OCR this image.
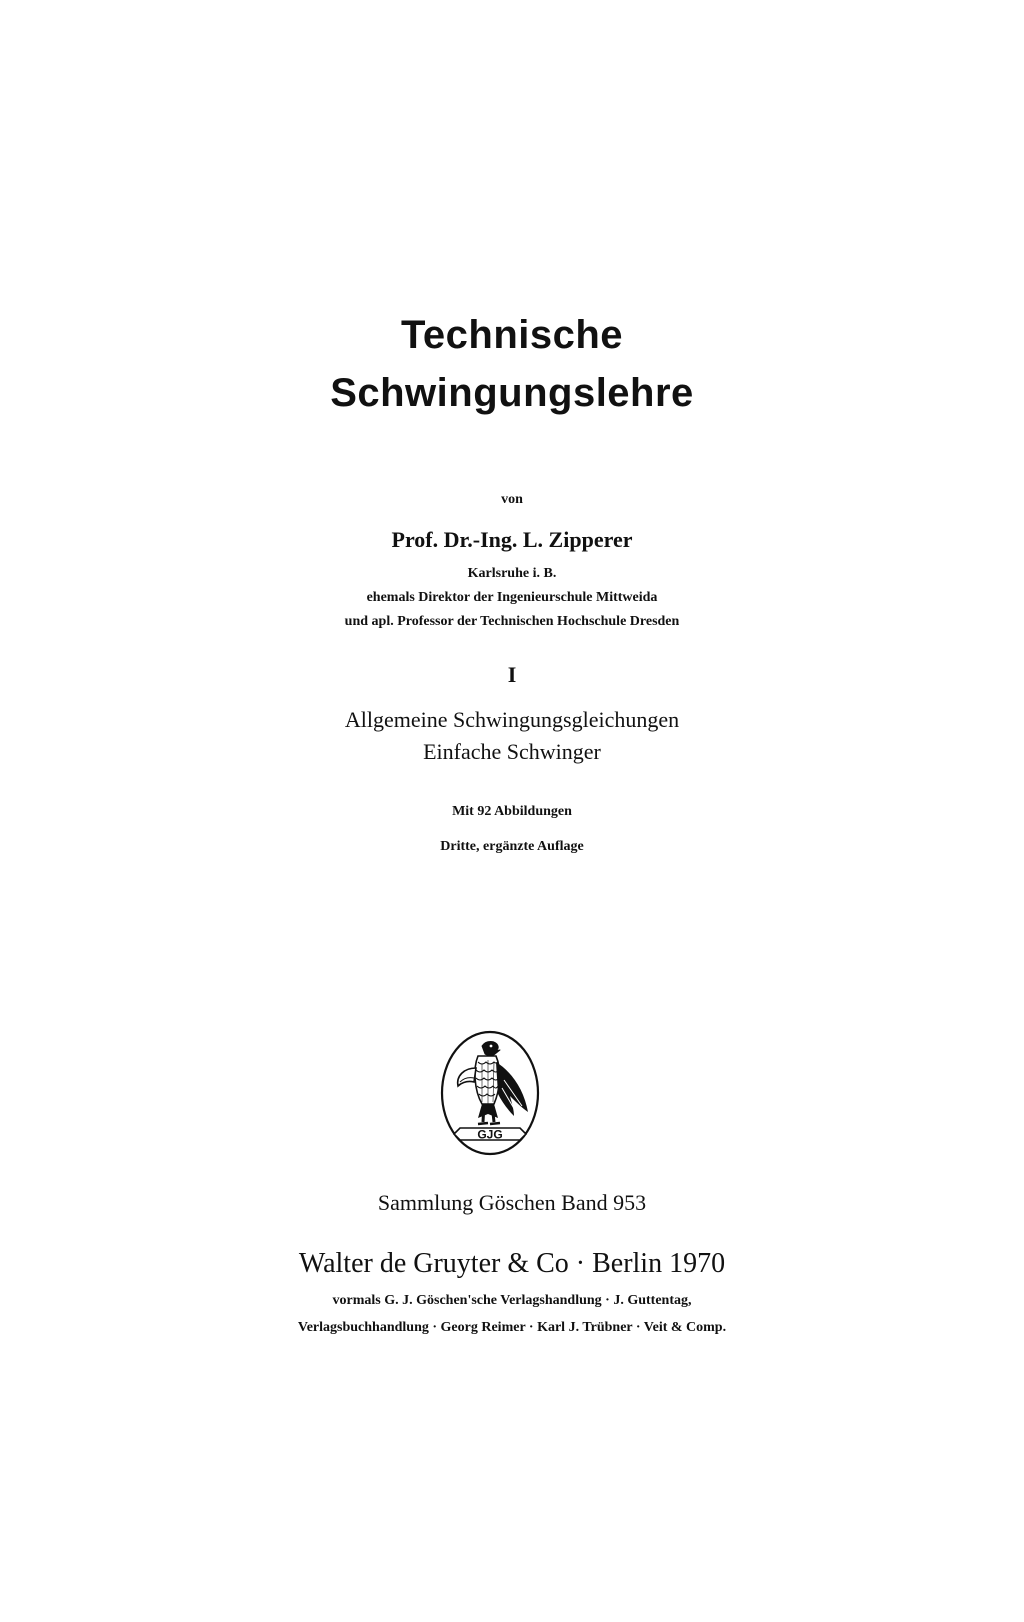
Technische
Schwingungslehre
von
Prof. Dr.-Ing. L. Zipperer
Karlsruhe i. B.
ehemals Direktor der Ingenieurschule Mittweida
und apl. Professor der Technischen Hochschule Dresden
I
Allgemeine Schwingungsgleichungen
Einfache Schwinger
Mit 92 Abbildungen
Dritte, ergänzte Auflage
GJG
Sammlung Göschen Band 953
Walter de Gruyter & Co · Berlin 1970
vormals G. J. Göschen'sche Verlagshandlung · J. Guttentag,
Verlagsbuchhandlung · Georg Reimer · Karl J. Trübner · Veit & Comp.
